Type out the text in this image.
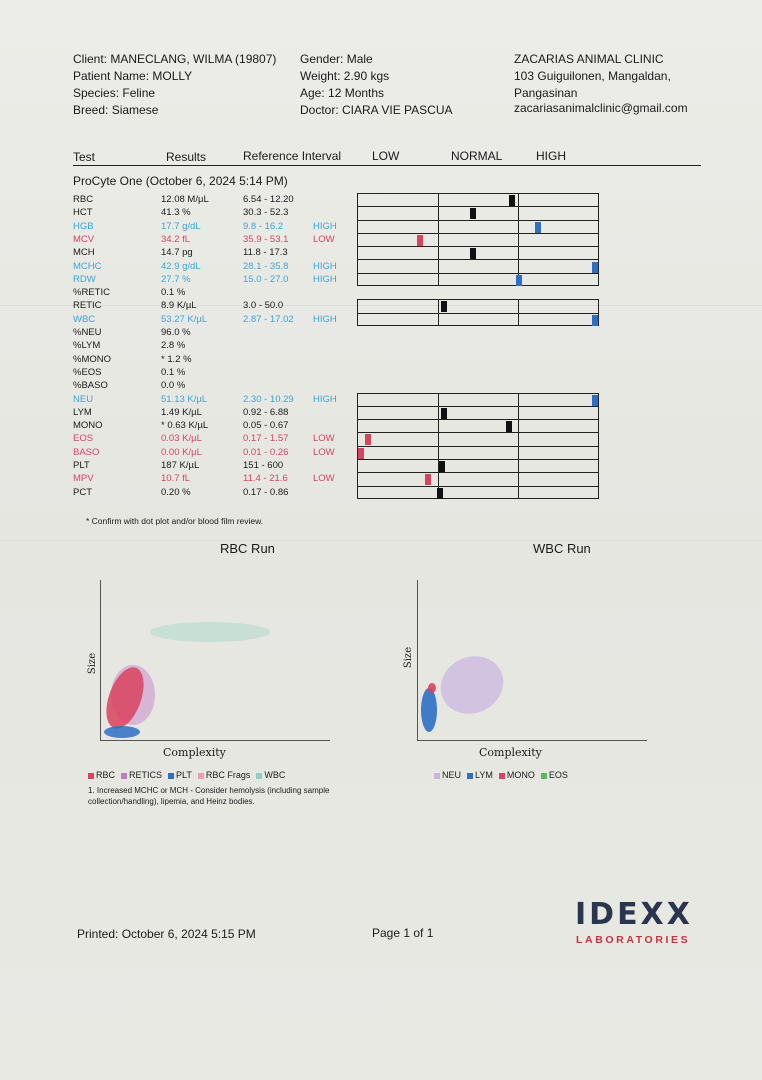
Client: MANECLANG, WILMA (19807)
Patient Name: MOLLY
Species: Feline
Breed: Siamese
Gender: Male
Weight: 2.90 kgs
Age: 12 Months
Doctor: CIARA VIE PASCUA
ZACARIAS ANIMAL CLINIC
103 Guiguilonen, Mangaldan,
Pangasinan
zacariasanimalclinic@gmail.com
Test	Results	Reference Interval	LOW	NORMAL	HIGH
ProCyte One (October 6, 2024 5:14 PM)
RBC	12.08 M/µL	6.54 - 12.20
HCT	41.3 %	30.3 - 52.3
HGB	17.7 g/dL	9.8 - 16.2	HIGH
MCV	34.2 fL	35.9 - 53.1	LOW
MCH	14.7 pg	11.8 - 17.3
MCHC	42.9 g/dL	28.1 - 35.8	HIGH
RDW	27.7 %	15.0 - 27.0	HIGH
%RETIC	0.1 %
RETIC	8.9 K/µL	3.0 - 50.0
WBC	53.27 K/µL	2.87 - 17.02 HIGH
%NEU	96.0 %
%LYM	2.8 %
%MONO	* 1.2 %
%EOS	0.1 %
%BASO	0.0 %
NEU	51.13 K/µL	2.30 - 10.29 HIGH
LYM	1.49 K/µL	0.92 - 6.88
MONO	* 0.63 K/µL	0.05 - 0.67
EOS	0.03 K/µL	0.17 - 1.57	LOW
BASO	0.00 K/µL	0.01 - 0.26	LOW
PLT	187 K/µL	151 - 600
MPV	10.7 fL	11.4 - 21.6	LOW
PCT	0.20 %	0.17 - 0.86
* Confirm with dot plot and/or blood film review.
RBC Run
Size
Complexity
RBC RETICS PLT RBC Frags WBC
WBC Run
Size
Complexity
NEU LYM MONO EOS
1. Increased MCHC or MCH - Consider hemolysis (including sample
collection/handling), lipemia, and Heinz bodies.
Printed: October 6, 2024 5:15 PM	Page 1 of 1
IDEXX
LABORATORIES
